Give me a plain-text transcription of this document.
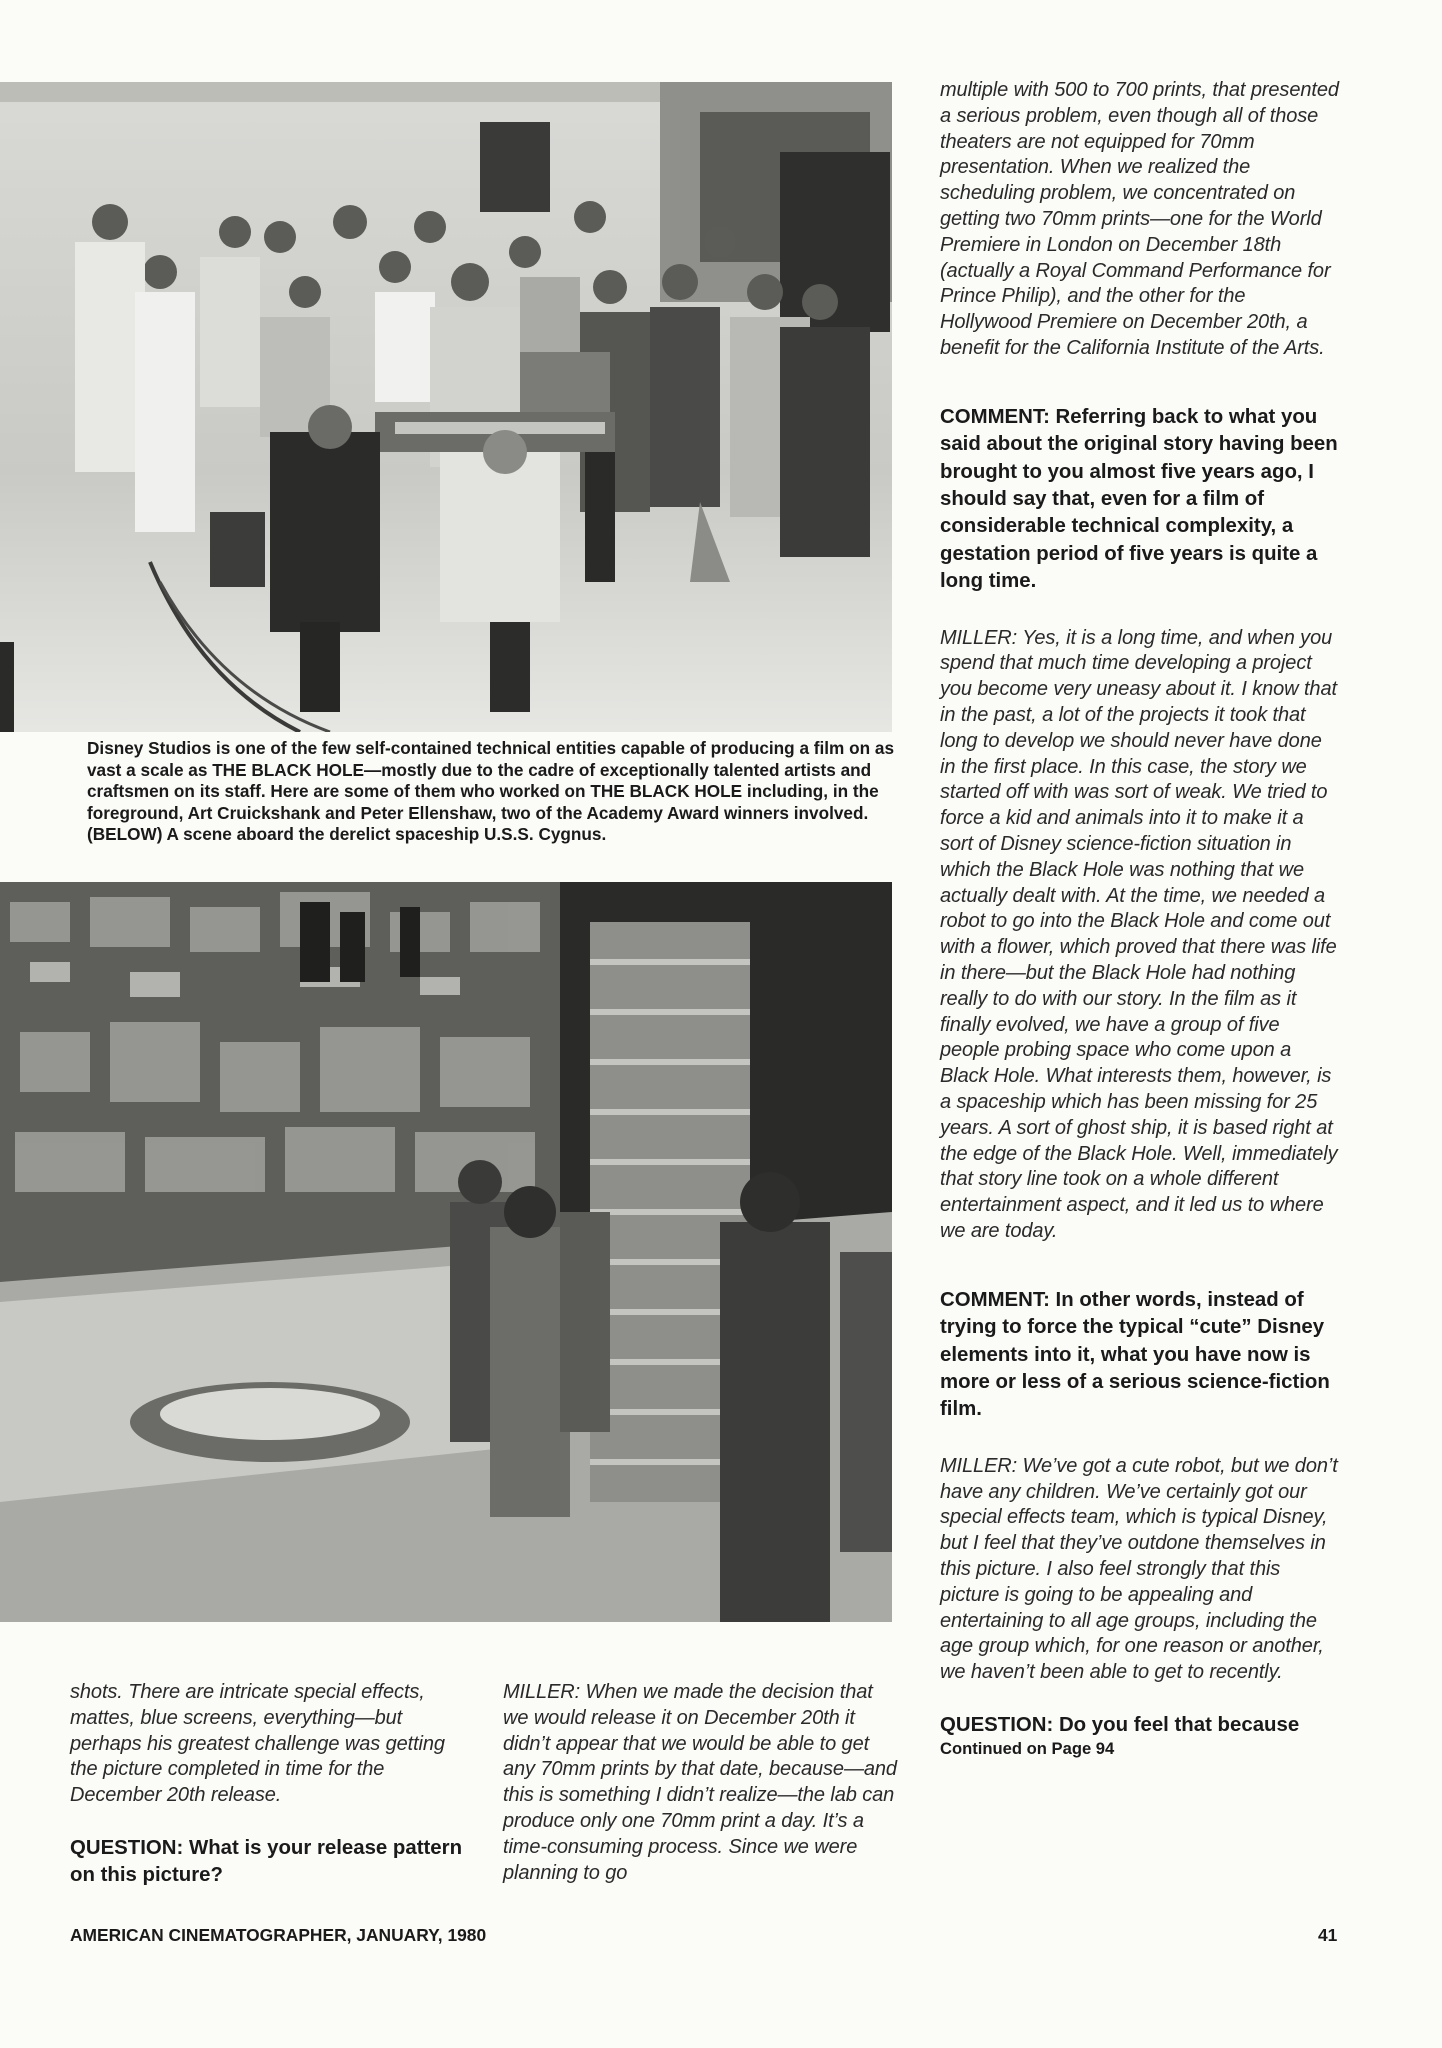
Disney Studios is one of the few self-contained technical entities capable of producing a film on as vast a scale as THE BLACK HOLE—mostly due to the cadre of exceptionally talented artists and craftsmen on its staff. Here are some of them who worked on THE BLACK HOLE including, in the foreground, Art Cruickshank and Peter Ellenshaw, two of the Academy Award winners involved. (BELOW) A scene aboard the derelict spaceship U.S.S. Cygnus.

multiple with 500 to 700 prints, that presented a serious problem, even though all of those theaters are not equipped for 70mm presentation. When we realized the scheduling problem, we concentrated on getting two 70mm prints—one for the World Premiere in London on December 18th (actually a Royal Command Performance for Prince Philip), and the other for the Hollywood Premiere on December 20th, a benefit for the California Institute of the Arts.

COMMENT: Referring back to what you said about the original story having been brought to you almost five years ago, I should say that, even for a film of considerable technical complexity, a gestation period of five years is quite a long time.

MILLER: Yes, it is a long time, and when you spend that much time developing a project you become very uneasy about it. I know that in the past, a lot of the projects it took that long to develop we should never have done in the first place. In this case, the story we started off with was sort of weak. We tried to force a kid and animals into it to make it a sort of Disney science-fiction situation in which the Black Hole was nothing that we actually dealt with. At the time, we needed a robot to go into the Black Hole and come out with a flower, which proved that there was life in there—but the Black Hole had nothing really to do with our story. In the film as it finally evolved, we have a group of five people probing space who come upon a Black Hole. What interests them, however, is a spaceship which has been missing for 25 years. A sort of ghost ship, it is based right at the edge of the Black Hole. Well, immediately that story line took on a whole different entertainment aspect, and it led us to where we are today.

COMMENT: In other words, instead of trying to force the typical “cute” Disney elements into it, what you have now is more or less of a serious science-fiction film.

MILLER: We’ve got a cute robot, but we don’t have any children. We’ve certainly got our special effects team, which is typical Disney, but I feel that they’ve outdone themselves in this picture. I also feel strongly that this picture is going to be appealing and entertaining to all age groups, including the age group which, for one reason or another, we haven’t been able to get to recently.

QUESTION: Do you feel that because

Continued on Page 94

shots. There are intricate special effects, mattes, blue screens, everything—but perhaps his greatest challenge was getting the picture completed in time for the December 20th release.

QUESTION: What is your release pattern on this picture?

MILLER: When we made the decision that we would release it on December 20th it didn’t appear that we would be able to get any 70mm prints by that date, because—and this is something I didn’t realize—the lab can produce only one 70mm print a day. It’s a time-consuming process. Since we were planning to go

AMERICAN CINEMATOGRAPHER, JANUARY, 1980	41
